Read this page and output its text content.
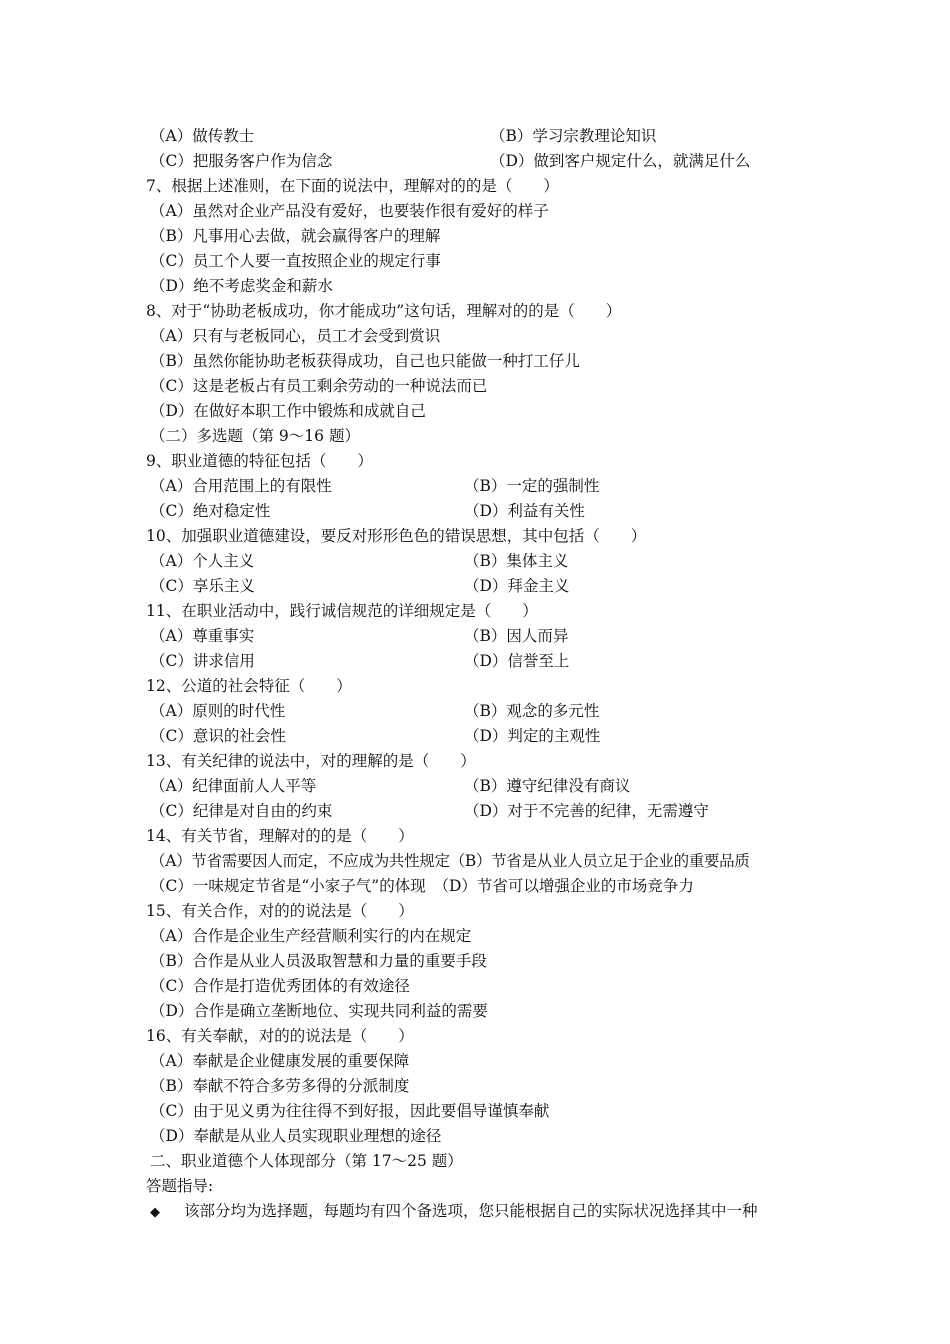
（A）做传教士	（B）学习宗教理论知识
（C）把服务客户作为信念	（D）做到客户规定什么，就满足什么
7、根据上述准则，在下面的说法中，理解对的的是（　　）
（A）虽然对企业产品没有爱好，也要装作很有爱好的样子
（B）凡事用心去做，就会赢得客户的理解
（C）员工个人要一直按照企业的规定行事
（D）绝不考虑奖金和薪水
8、对于“协助老板成功，你才能成功”这句话，理解对的的是（　　）
（A）只有与老板同心，员工才会受到赏识
（B）虽然你能协助老板获得成功，自己也只能做一种打工仔儿
（C）这是老板占有员工剩余劳动的一种说法而已
（D）在做好本职工作中锻炼和成就自己
（二）多选题（第 9～16 题）
9、职业道德的特征包括（　　）
（A）合用范围上的有限性	（B）一定的强制性
（C）绝对稳定性	（D）利益有关性
10、加强职业道德建设，要反对形形色色的错误思想，其中包括（　　）
（A）个人主义	（B）集体主义
（C）享乐主义	（D）拜金主义
11、在职业活动中，践行诚信规范的详细规定是（　　）
（A）尊重事实	（B）因人而异
（C）讲求信用	（D）信誉至上
12、公道的社会特征（　　）
（A）原则的时代性	（B）观念的多元性
（C）意识的社会性	（D）判定的主观性
13、有关纪律的说法中，对的理解的是（　　）
（A）纪律面前人人平等	（B）遵守纪律没有商议
（C）纪律是对自由的约束	（D）对于不完善的纪律，无需遵守
14、有关节省，理解对的的是（　　）
（A）节省需要因人而定，不应成为共性规定（B）节省是从业人员立足于企业的重要品质
（C）一味规定节省是“小家子气”的体现　（D）节省可以增强企业的市场竞争力
15、有关合作，对的的说法是（　　）
（A）合作是企业生产经营顺利实行的内在规定
（B）合作是从业人员汲取智慧和力量的重要手段
（C）合作是打造优秀团体的有效途径
（D）合作是确立垄断地位、实现共同利益的需要
16、有关奉献，对的的说法是（　　）
（A）奉献是企业健康发展的重要保障
（B）奉献不符合多劳多得的分派制度
（C）由于见义勇为往往得不到好报，因此要倡导谨慎奉献
（D）奉献是从业人员实现职业理想的途径
二、职业道德个人体现部分（第 17～25 题）
答题指导:
◆ 该部分均为选择题，每题均有四个备选项，您只能根据自己的实际状况选择其中一种
